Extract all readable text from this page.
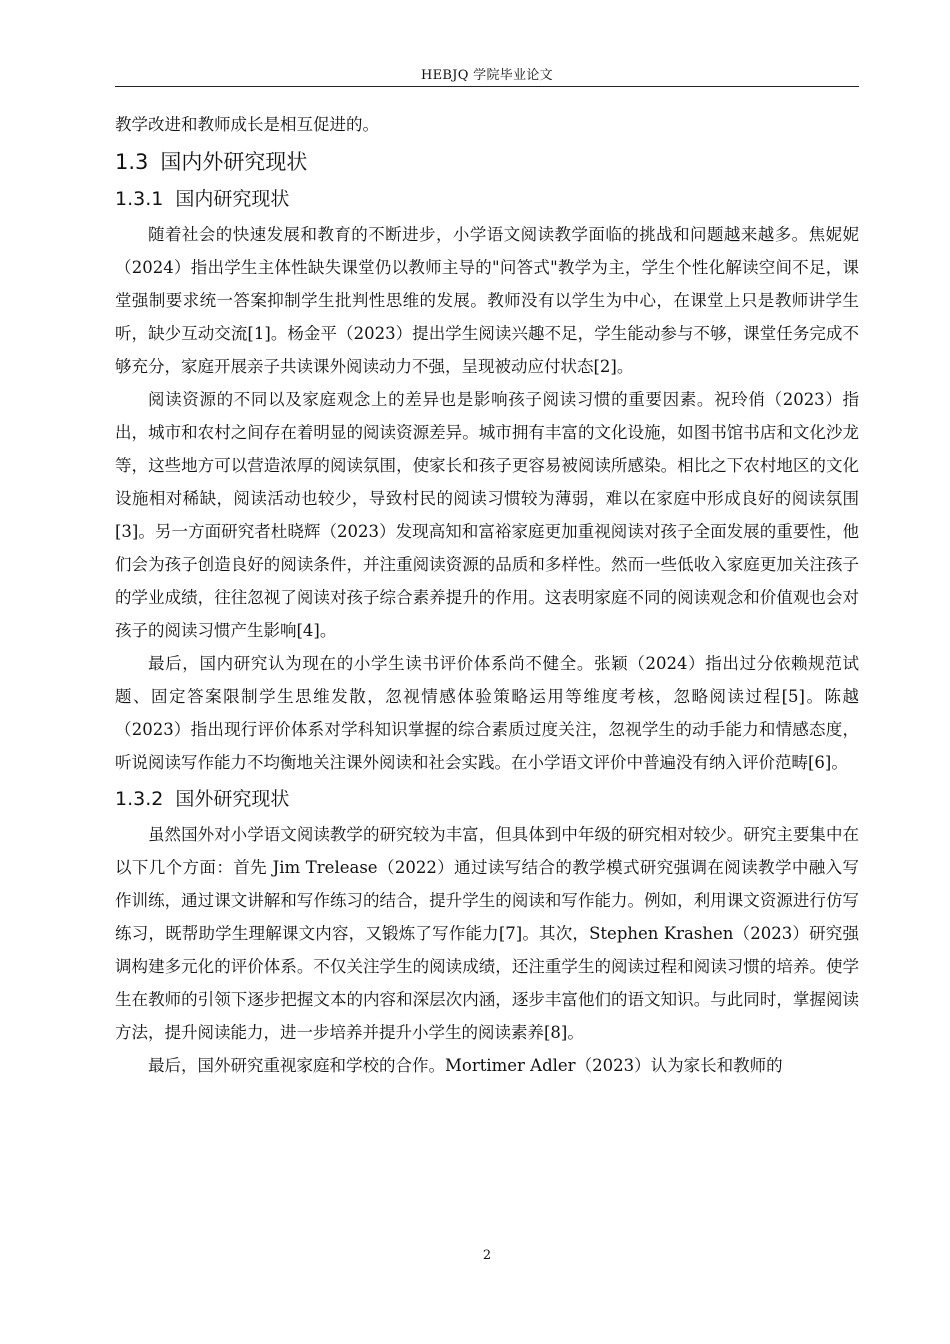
HEBJQ 学院毕业论文

教学改进和教师成长是相互促进的。

1.3 国内外研究现状
1.3.1 国内研究现状

随着社会的快速发展和教育的不断进步，小学语文阅读教学面临的挑战和问题越来越多。焦妮妮（2024）指出学生主体性缺失课堂仍以教师主导的"问答式"教学为主，学生个性化解读空间不足，课堂强制要求统一答案抑制学生批判性思维的发展。教师没有以学生为中心，在课堂上只是教师讲学生听，缺少互动交流[1]。杨金平（2023）提出学生阅读兴趣不足，学生能动参与不够，课堂任务完成不够充分，家庭开展亲子共读课外阅读动力不强，呈现被动应付状态[2]。

阅读资源的不同以及家庭观念上的差异也是影响孩子阅读习惯的重要因素。祝玲俏（2023）指出，城市和农村之间存在着明显的阅读资源差异。城市拥有丰富的文化设施，如图书馆书店和文化沙龙等，这些地方可以营造浓厚的阅读氛围，使家长和孩子更容易被阅读所感染。相比之下农村地区的文化设施相对稀缺，阅读活动也较少，导致村民的阅读习惯较为薄弱，难以在家庭中形成良好的阅读氛围[3]。另一方面研究者杜晓辉（2023）发现高知和富裕家庭更加重视阅读对孩子全面发展的重要性，他们会为孩子创造良好的阅读条件，并注重阅读资源的品质和多样性。然而一些低收入家庭更加关注孩子的学业成绩，往往忽视了阅读对孩子综合素养提升的作用。这表明家庭不同的阅读观念和价值观也会对孩子的阅读习惯产生影响[4]。

最后，国内研究认为现在的小学生读书评价体系尚不健全。张颖（2024）指出过分依赖规范试题、固定答案限制学生思维发散，忽视情感体验策略运用等维度考核，忽略阅读过程[5]。陈越（2023）指出现行评价体系对学科知识掌握的综合素质过度关注，忽视学生的动手能力和情感态度，听说阅读写作能力不均衡地关注课外阅读和社会实践。在小学语文评价中普遍没有纳入评价范畴[6]。

1.3.2 国外研究现状

虽然国外对小学语文阅读教学的研究较为丰富，但具体到中年级的研究相对较少。研究主要集中在以下几个方面：首先 Jim Trelease（2022）通过读写结合的教学模式研究强调在阅读教学中融入写作训练，通过课文讲解和写作练习的结合，提升学生的阅读和写作能力。例如，利用课文资源进行仿写练习，既帮助学生理解课文内容，又锻炼了写作能力[7]。其次，Stephen Krashen（2023）研究强调构建多元化的评价体系。不仅关注学生的阅读成绩，还注重学生的阅读过程和阅读习惯的培养。使学生在教师的引领下逐步把握文本的内容和深层次内涵，逐步丰富他们的语文知识。与此同时，掌握阅读方法，提升阅读能力，进一步培养并提升小学生的阅读素养[8]。

最后，国外研究重视家庭和学校的合作。Mortimer Adler（2023）认为家长和教师的

2
